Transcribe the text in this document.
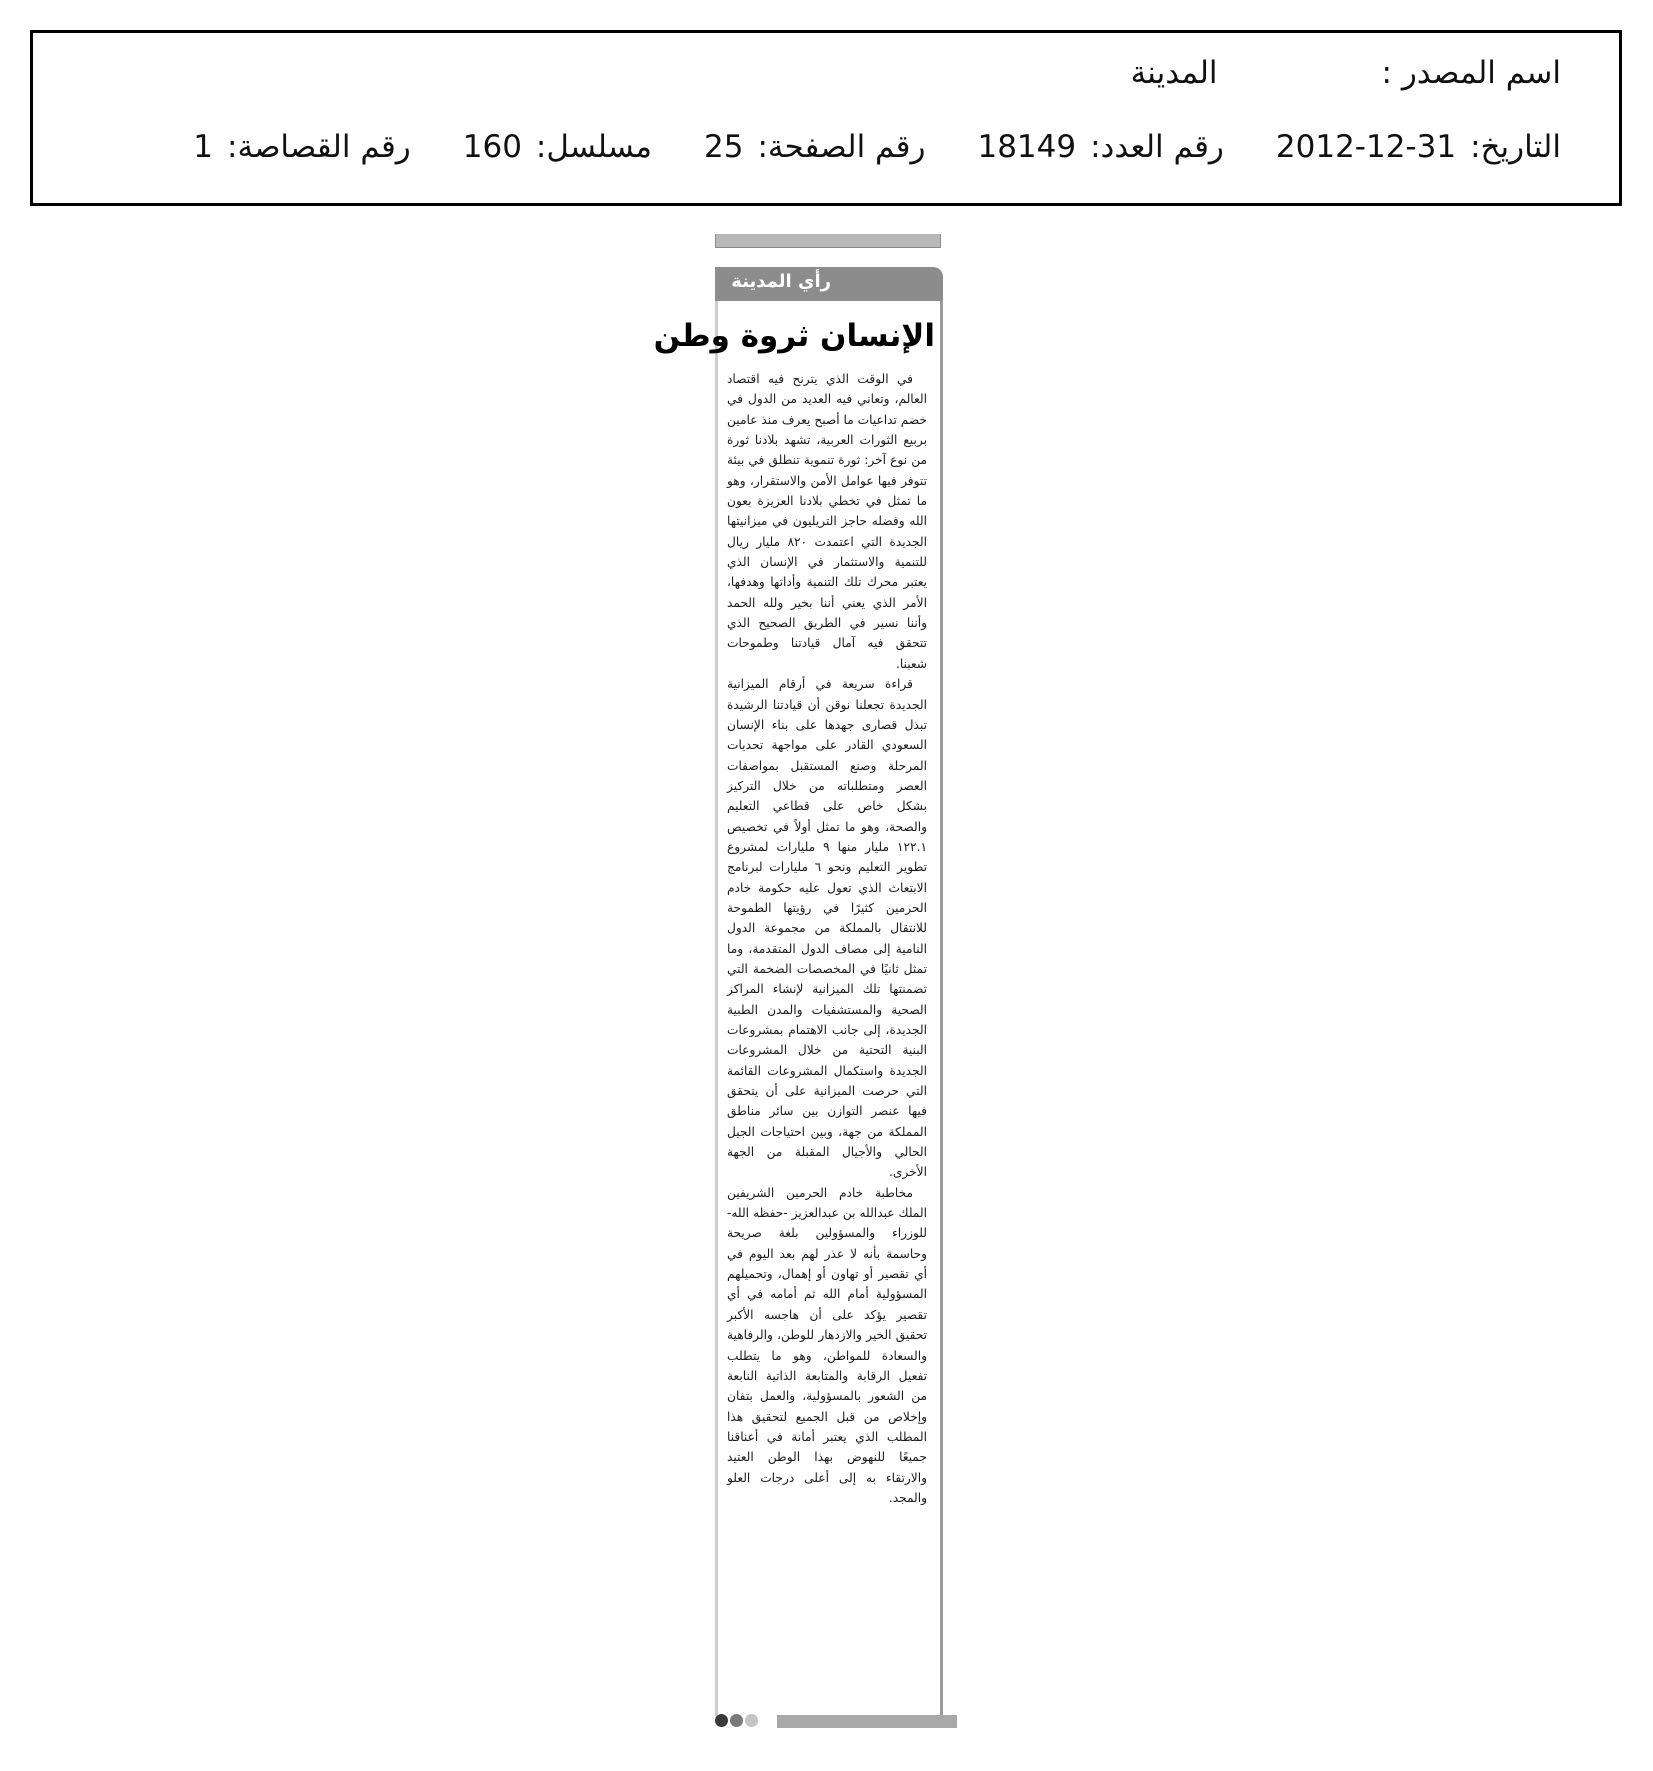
اسم المصدر :
المدينة
التاريخ:
2012-12-31
رقم العدد:
18149
رقم الصفحة:
25
مسلسل:
160
رقم القصاصة:
1
رأي المدينة
الإنسان ثروة وطن

في الوقت الذي يترنح فيه اقتصاد العالم، وتعاني فيه العديد من الدول في خضم تداعيات ما أصبح يعرف منذ عامين بربيع الثورات العربية، تشهد بلادنا ثورة من نوع آخر: ثورة تنموية تنطلق في بيئة تتوفر فيها عوامل الأمن والاستقرار، وهو ما تمثل في تخطي بلادنا العزيزة بعون الله وفضله حاجز التريليون في ميزانيتها الجديدة التي اعتمدت ٨٢٠ مليار ريال للتنمية والاستثمار في الإنسان الذي يعتبر محرك تلك التنمية وأداتها وهدفها، الأمر الذي يعني أننا بخير ولله الحمد وأننا نسير في الطريق الصحيح الذي تتحقق فيه آمال قيادتنا وطموحات شعبنا.

قراءة سريعة في أرقام الميزانية الجديدة تجعلنا نوقن أن قيادتنا الرشيدة تبذل قصارى جهدها على بناء الإنسان السعودي القادر على مواجهة تحديات المرحلة وصنع المستقبل بمواصفات العصر ومتطلباته من خلال التركيز بشكل خاص على قطاعي التعليم والصحة، وهو ما تمثل أولاً في تخصيص ١٢٢.١ مليار منها ٩ مليارات لمشروع تطوير التعليم ونحو ٦ مليارات لبرنامج الابتعاث الذي تعول عليه حكومة خادم الحرمين كثيرًا في رؤيتها الطموحة للانتقال بالمملكة من مجموعة الدول النامية إلى مصاف الدول المتقدمة، وما تمثل ثانيًا في المخصصات الضخمة التي تضمنتها تلك الميزانية لإنشاء المراكز الصحية والمستشفيات والمدن الطبية الجديدة، إلى جانب الاهتمام بمشروعات البنية التحتية من خلال المشروعات الجديدة واستكمال المشروعات القائمة التي حرصت الميزانية على أن يتحقق فيها عنصر التوازن بين سائر مناطق المملكة من جهة، وبين احتياجات الجيل الحالي والأجيال المقبلة من الجهة الأخرى.

مخاطبة خادم الحرمين الشريفين الملك عبدالله بن عبدالعزيز -حفظه الله- للوزراء والمسؤولين بلغة صريحة وحاسمة بأنه لا عذر لهم بعد اليوم في أي تقصير أو تهاون أو إهمال، وتحميلهم المسؤولية أمام الله ثم أمامه في أي تقصير يؤكد على أن هاجسه الأكبر تحقيق الخير والازدهار للوطن، والرفاهية والسعادة للمواطن، وهو ما يتطلب تفعيل الرقابة والمتابعة الذاتية النابعة من الشعور بالمسؤولية، والعمل بتفان وإخلاص من قبل الجميع لتحقيق هذا المطلب الذي يعتبر أمانة في أعناقنا جميعًا للنهوض بهذا الوطن العتيد والارتقاء به إلى أعلى درجات العلو والمجد.
